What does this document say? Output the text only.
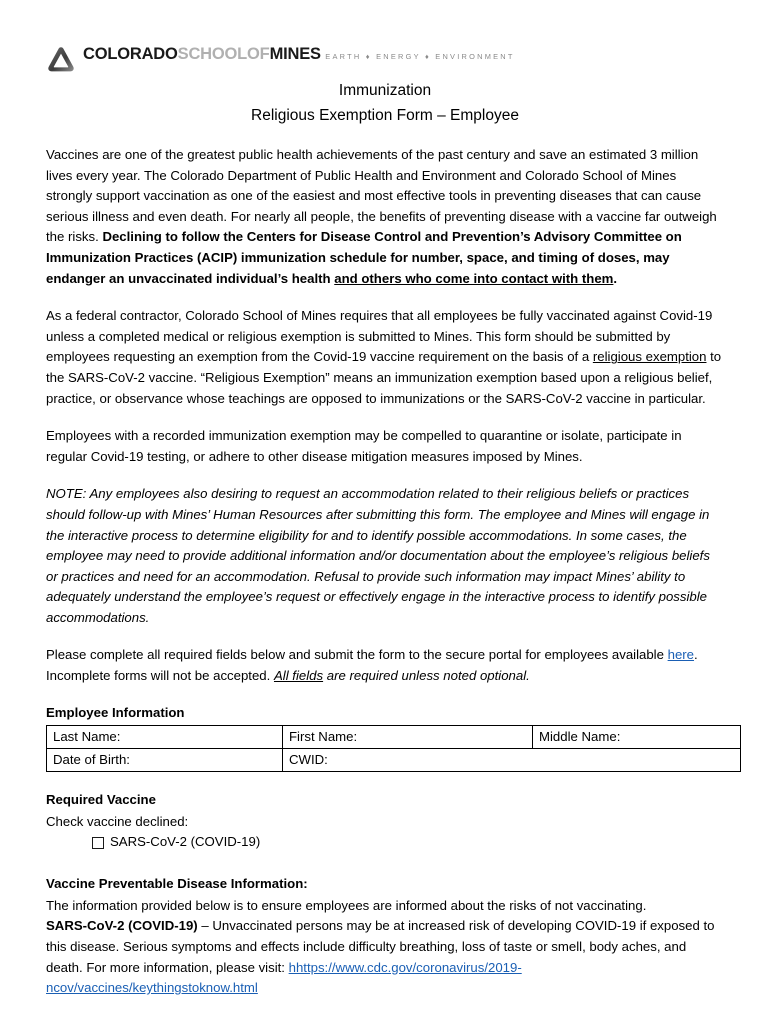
COLORADOSCHOOLOFMINES EARTH ♦ ENERGY ♦ ENVIRONMENT
Immunization
Religious Exemption Form – Employee

Vaccines are one of the greatest public health achievements of the past century and save an estimated 3 million lives every year. The Colorado Department of Public Health and Environment and Colorado School of Mines strongly support vaccination as one of the easiest and most effective tools in preventing diseases that can cause serious illness and even death. For nearly all people, the benefits of preventing disease with a vaccine far outweigh the risks. Declining to follow the Centers for Disease Control and Prevention’s Advisory Committee on Immunization Practices (ACIP) immunization schedule for number, space, and timing of doses, may endanger an unvaccinated individual’s health and others who come into contact with them.

As a federal contractor, Colorado School of Mines requires that all employees be fully vaccinated against Covid-19 unless a completed medical or religious exemption is submitted to Mines. This form should be submitted by employees requesting an exemption from the Covid-19 vaccine requirement on the basis of a religious exemption to the SARS-CoV-2 vaccine. “Religious Exemption” means an immunization exemption based upon a religious belief, practice, or observance whose teachings are opposed to immunizations or the SARS-CoV-2 vaccine in particular.

Employees with a recorded immunization exemption may be compelled to quarantine or isolate, participate in regular Covid-19 testing, or adhere to other disease mitigation measures imposed by Mines.

NOTE: Any employees also desiring to request an accommodation related to their religious beliefs or practices should follow-up with Mines’ Human Resources after submitting this form. The employee and Mines will engage in the interactive process to determine eligibility for and to identify possible accommodations. In some cases, the employee may need to provide additional information and/or documentation about the employee’s religious beliefs or practices and need for an accommodation. Refusal to provide such information may impact Mines’ ability to adequately understand the employee’s request or effectively engage in the interactive process to identify possible accommodations.

Please complete all required fields below and submit the form to the secure portal for employees available here. Incomplete forms will not be accepted. All fields are required unless noted optional.

Employee Information
Last Name:	First Name:	Middle Name:
Date of Birth:	CWID:	
Required Vaccine
Check vaccine declined:
SARS-CoV-2 (COVID-19)
Vaccine Preventable Disease Information:

The information provided below is to ensure employees are informed about the risks of not vaccinating.

SARS-CoV-2 (COVID-19) – Unvaccinated persons may be at increased risk of developing COVID-19 if exposed to this disease. Serious symptoms and effects include difficulty breathing, loss of taste or smell, body aches, and death. For more information, please visit: hhttps://www.cdc.gov/coronavirus/2019-ncov/vaccines/keythingstoknow.html
